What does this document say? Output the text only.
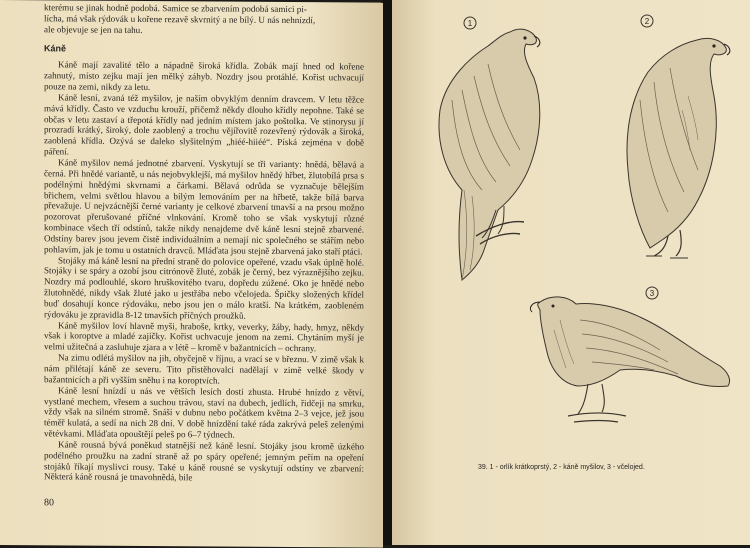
kterému se jinak hodně podobá. Samice se zbarvením podobá samici pi-

lícha, má však rýdovák u kořene rezavě skvrnitý a ne bílý. U nás nehnízdí,

ale objevuje se jen na tahu.

Káně

Káně mají zavalité tělo a nápadně široká křídla. Zobák mají hned od kořene zahnutý, místo zejku mají jen mělký záhyb. Nozdry jsou protáhlé. Kořist uchvacují pouze na zemi, nikdy za letu.

Káně lesní, zvaná též myšilov, je naším obvyklým denním dravcem. V letu těžce mává křídly. Často ve vzduchu krouží, přičemž někdy dlouho křídly nepohne. Také se občas v letu zastaví a třepotá křídly nad jedním místem jako poštolka. Ve stinorysu jí prozradí krátký, široký, dole zaoblený a trochu vějířovitě rozevřený rýdovák a široká, zaoblená křídla. Ozývá se daleko slyšitelným „hiéé-hiiéé“. Píská zejména v době páření.

Káně myšilov nemá jednotné zbarvení. Vyskytují se tři varianty: hnědá, bělavá a černá. Při hnědé variantě, u nás nejobvyklejší, má myšilov hnědý hřbet, žlutobílá prsa s podélnými hnědými skvrnami a čárkami. Bělavá odrůda se vyznačuje bělejším břichem, velmi světlou hlavou a bílým lemováním per na hřbetě, takže bílá barva převažuje. U nejvzácnější černé varianty je celkové zbarvení tmavší a na prsou možno pozorovat přerušované příčné vlnkování. Kromě toho se však vyskytují různé kombinace všech tří odstínů, takže nikdy nenajdeme dvě káně lesní stejně zbarvené. Odstíny barev jsou jevem čistě individuálním a nemají nic společného se stářím nebo pohlavím, jak je tomu u ostatních dravců. Mláďata jsou stejně zbarvená jako staří ptáci.

Stojáky má káně lesní na přední straně do polovice opeřené, vzadu však úplně holé. Stojáky i se spáry a ozobí jsou citrónově žluté, zobák je černý, bez výraznějšího zejku. Nozdry má podlouhlé, skoro hruškovitého tvaru, dopředu zúžené. Oko je hnědé nebo žlutohnědé, nikdy však žluté jako u jestřába nebo včelojeda. Špičky složených křídel buď dosahují konce rýdováku, nebo jsou jen o málo kratší. Na krátkém, zaobleném rýdováku je zpravidla 8-12 tmavších příčných proužků.

Káně myšilov loví hlavně myši, hraboše, krtky, veverky, žáby, hady, hmyz, někdy však i koroptve a mladé zajíčky. Kořist uchvacuje jenom na zemi. Chytáním myší je velmi užitečná a zasluhuje zjara a v létě – kromě v bažantnicích – ochrany.

Na zimu odlétá myšilov na jih, obyčejně v říjnu, a vrací se v březnu. V zimě však k nám přilétají káně ze severu. Tito přistěhovalci nadělají v zimě velké škody v bažantnicích a při vyšším sněhu i na koroptvích.

Káně lesní hnízdí u nás ve větších lesích dosti zhusta. Hrubé hnízdo z větví, vystlané mechem, vřesem a suchou trávou, staví na dubech, jedlích, řidčeji na smrku, vždy však na silném stromě. Snáší v dubnu nebo počátkem května 2–3 vejce, jež jsou téměř kulatá, a sedí na nich 28 dní. V době hnízdění také ráda zakrývá peleš zelenými větévkami. Mláďata opouštějí peleš po 6–7 týdnech.

Káně rousná bývá poněkud statnější než káně lesní. Stojáky jsou kromě úzkého podélného proužku na zadní straně až po spáry opeřené; jemným peřím na opeření stojáků říkají myslivci rousy. Také u káně rousné se vyskytují odstíny ve zbarvení: Některá káně rousná je tmavohnědá, bile

80
1	2
3
39. 1 - orlík krátkoprstý, 2 - káně myšilov, 3 - včelojed.
